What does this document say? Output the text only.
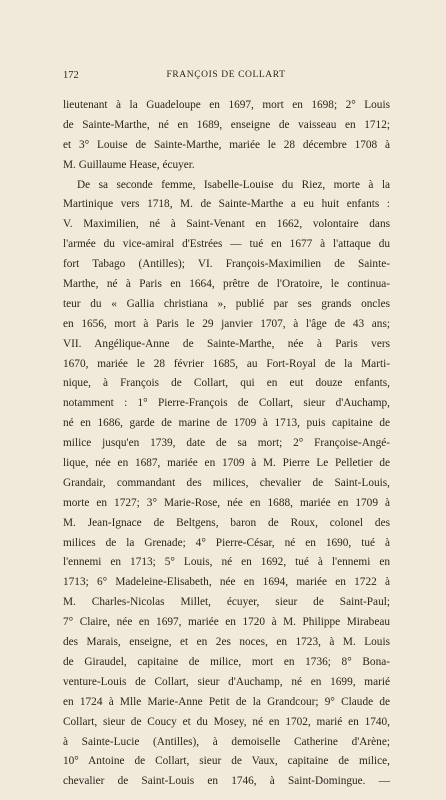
172	FRANÇOIS DE COLLART
lieutenant à la Guadeloupe en 1697, mort en 1698; 2° Louis
de Sainte-Marthe, né en 1689, enseigne de vaisseau en 1712;
et 3° Louise de Sainte-Marthe, mariée le 28 décembre 1708 à
M. Guillaume Hease, écuyer.
De sa seconde femme, Isabelle-Louise du Riez, morte à la
Martinique vers 1718, M. de Sainte-Marthe a eu huit enfants :
V. Maximilien, né à Saint-Venant en 1662, volontaire dans
l'armée du vice-amiral d'Estrées — tué en 1677 à l'attaque du
fort Tabago (Antilles); VI. François-Maximilien de Sainte-
Marthe, né à Paris en 1664, prêtre de l'Oratoire, le continua-
teur du « Gallia christiana », publié par ses grands oncles
en 1656, mort à Paris le 29 janvier 1707, à l'âge de 43 ans;
VII. Angélique-Anne de Sainte-Marthe, née à Paris vers
1670, mariée le 28 février 1685, au Fort-Royal de la Marti-
nique, à François de Collart, qui en eut douze enfants,
notamment : 1° Pierre-François de Collart, sieur d'Auchamp,
né en 1686, garde de marine de 1709 à 1713, puis capitaine de
milice jusqu'en 1739, date de sa mort; 2° Françoise-Angé-
lique, née en 1687, mariée en 1709 à M. Pierre Le Pelletier de
Grandair, commandant des milices, chevalier de Saint-Louis,
morte en 1727; 3° Marie-Rose, née en 1688, mariée en 1709 à
M. Jean-Ignace de Beltgens, baron de Roux, colonel des
milices de la Grenade; 4° Pierre-César, né en 1690, tué à
l'ennemi en 1713; 5° Louis, né en 1692, tué à l'ennemi en
1713; 6° Madeleine-Elisabeth, née en 1694, mariée en 1722 à
M. Charles-Nicolas Millet, écuyer, sieur de Saint-Paul;
7° Claire, née en 1697, mariée en 1720 à M. Philippe Mirabeau
des Marais, enseigne, et en 2es noces, en 1723, à M. Louis
de Giraudel, capitaine de milice, mort en 1736; 8° Bona-
venture-Louis de Collart, sieur d'Auchamp, né en 1699, marié
en 1724 à Mlle Marie-Anne Petit de la Grandcour; 9° Claude de
Collart, sieur de Coucy et du Mosey, né en 1702, marié en 1740,
à Sainte-Lucie (Antilles), à demoiselle Catherine d'Arène;
10° Antoine de Collart, sieur de Vaux, capitaine de milice,
chevalier de Saint-Louis en 1746, à Saint-Domingue. —
